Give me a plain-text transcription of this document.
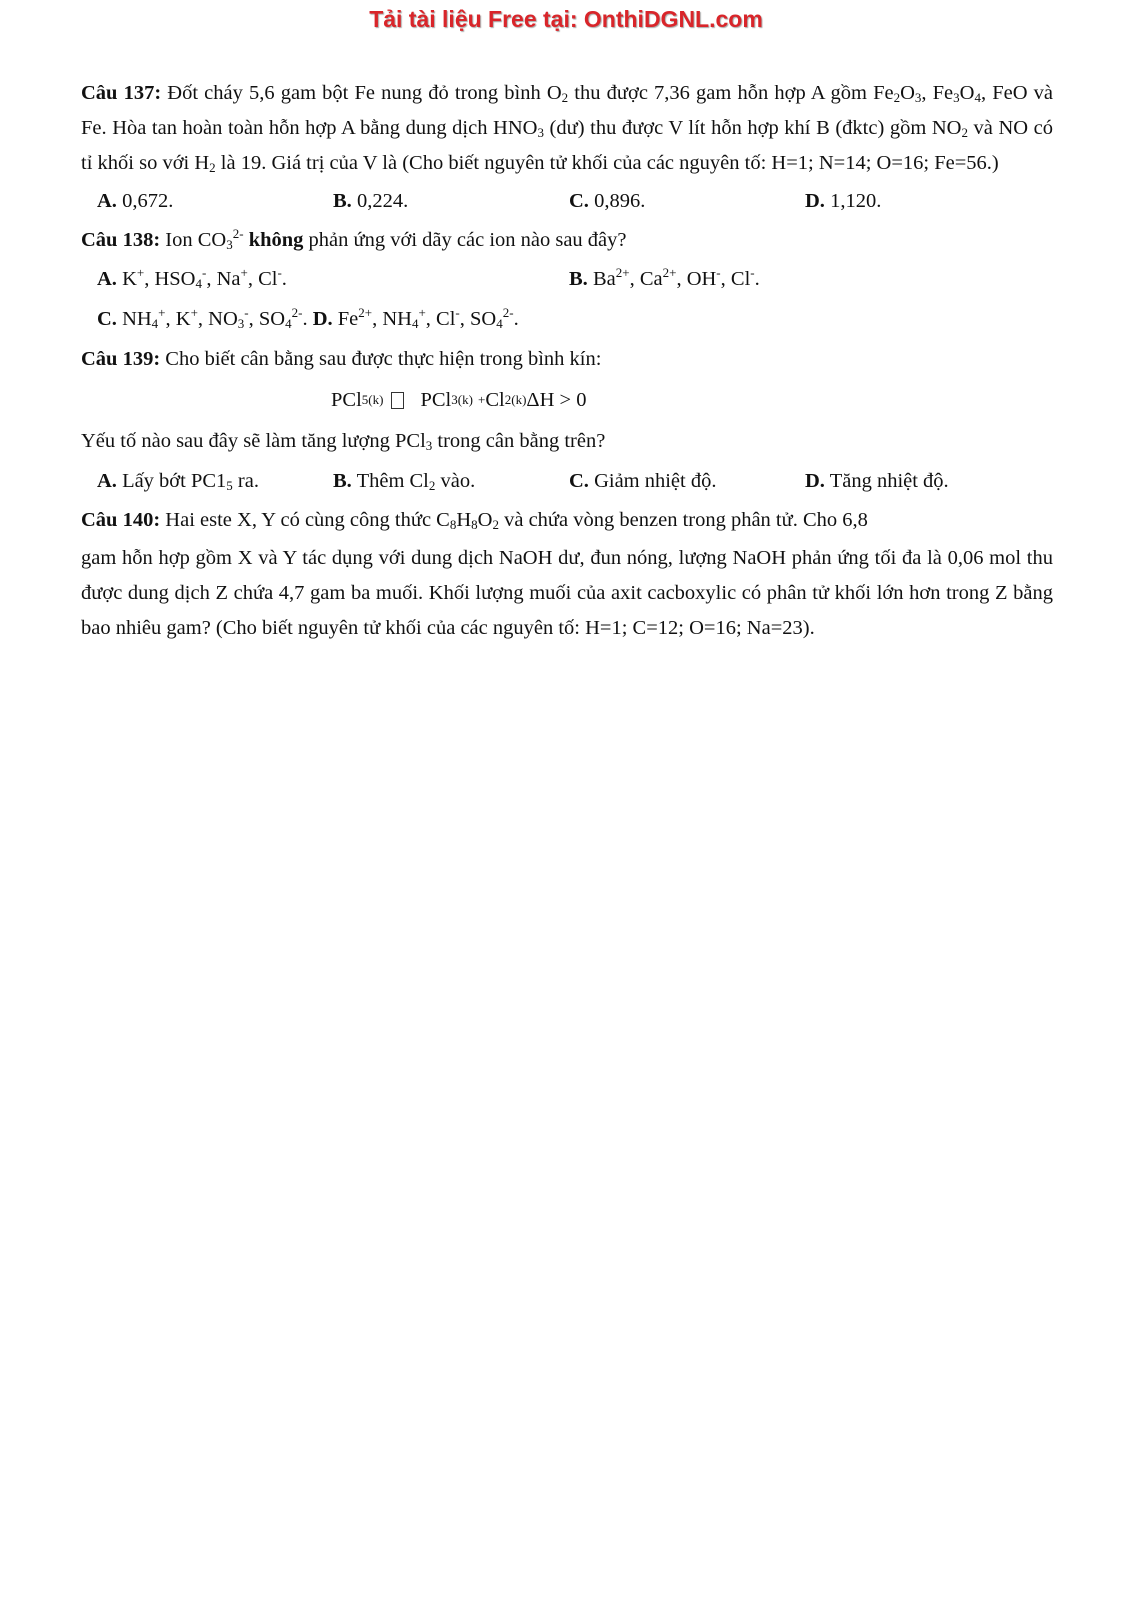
Tải tài liệu Free tại: OnthiDGNL.com

Câu 137: Đốt cháy 5,6 gam bột Fe nung đỏ trong bình $O_2$ thu được 7,36 gam hỗn hợp A gồm $Fe_2O_3$, $Fe_3O_4$, FeO và Fe. Hòa tan hoàn toàn hỗn hợp A bằng dung dịch $HNO_3$ (dư) thu được V lít hỗn hợp khí B (đktc) gồm $NO_2$ và NO có tỉ khối so với $H_2$ là 19. Giá trị của V là (Cho biết nguyên tử khối của các nguyên tố: H=1; N=14; O=16; Fe=56.)

A. 0,672.	B. 0,224.	C. 0,896.	D. 1,120.

Câu 138: Ion $CO_3^{2-}$ không phản ứng với dãy các ion nào sau đây?

A. K+, $HSO_4^-$, Na+, Cl-.	B. $Ba^{2+}$, $Ca^{2+}$, OH-, Cl-.
C. $NH_4^+$, K+, $NO_3^-$, $SO_4^{2-}$.
D. $Fe^{2+}$, $NH_4^+$, Cl-, $SO_4^{2-}$.

Câu 139: Cho biết cân bằng sau được thực hiện trong bình kín:

PCl 5(k) PCl 3(k)
+ Cl 2(k) ΔH > 0

Yếu tố nào sau đây sẽ làm tăng lượng PCl$_3$ trong cân bằng trên?

A. Lấy bớt $PC1_5$ ra.	B. Thêm $Cl_2$ vào.	C. Giảm nhiệt độ.	D. Tăng nhiệt độ.

Câu 140: Hai este X, Y có cùng công thức $C_8H_8O_2$ và chứa vòng benzen trong phân tử. Cho 6,8

gam hỗn hợp gồm X và Y tác dụng với dung dịch NaOH dư, đun nóng, lượng NaOH phản ứng tối đa là 0,06 mol thu được dung dịch Z chứa 4,7 gam ba muối. Khối lượng muối của axit cacboxylic có phân tử khối lớn hơn trong Z bằng bao nhiêu gam? (Cho biết nguyên tử khối của các nguyên tố: H=1; C=12; O=16; Na=23).
